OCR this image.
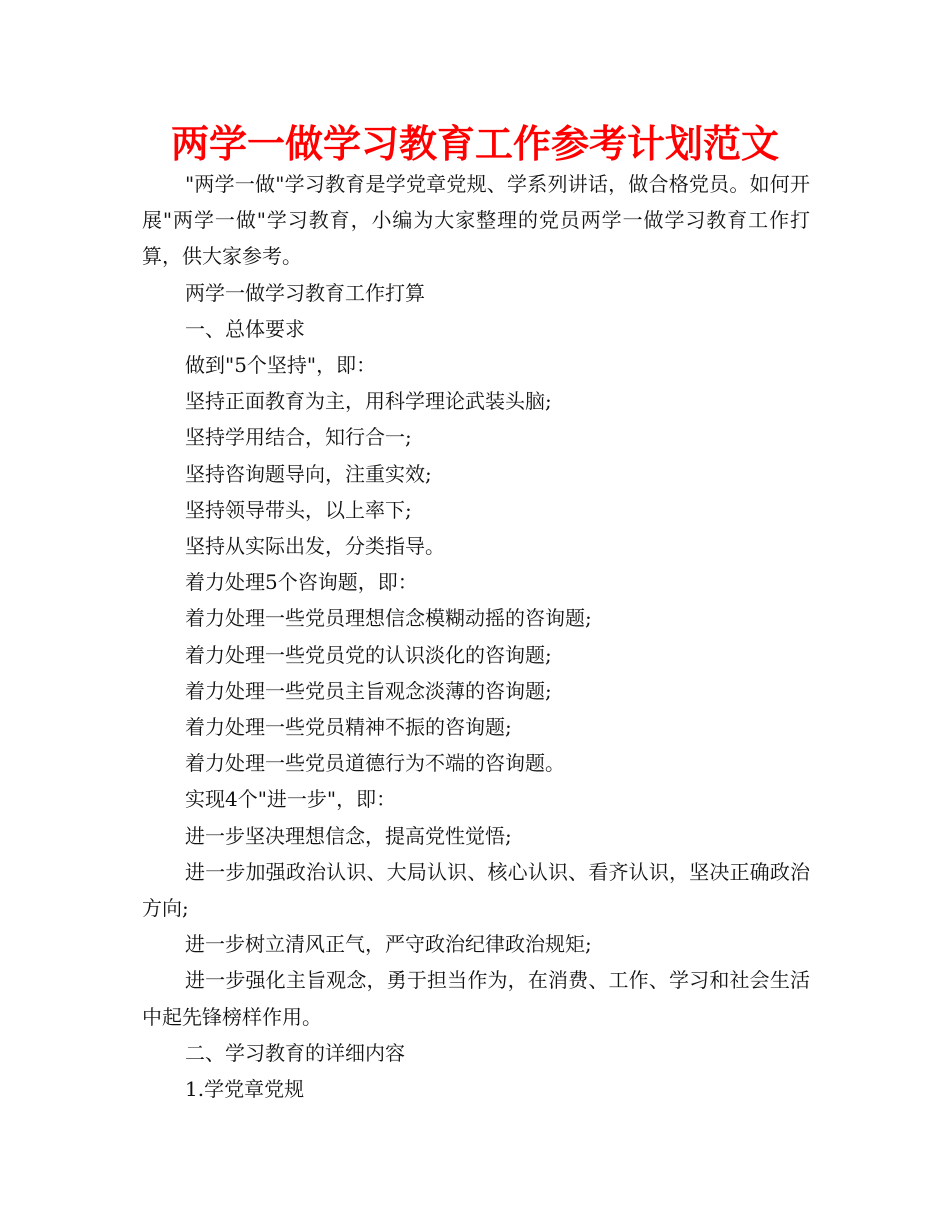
两学一做学习教育工作参考计划范文

"两学一做"学习教育是学党章党规、学系列讲话，做合格党员。如何开展"两学一做"学习教育，小编为大家整理的党员两学一做学习教育工作打算，供大家参考。

两学一做学习教育工作打算

一、总体要求

做到"5个坚持"，即：

坚持正面教育为主，用科学理论武装头脑;

坚持学用结合，知行合一;

坚持咨询题导向，注重实效;

坚持领导带头，以上率下;

坚持从实际出发，分类指导。

着力处理5个咨询题，即：

着力处理一些党员理想信念模糊动摇的咨询题;

着力处理一些党员党的认识淡化的咨询题;

着力处理一些党员主旨观念淡薄的咨询题;

着力处理一些党员精神不振的咨询题;

着力处理一些党员道德行为不端的咨询题。

实现4个"进一步"，即：

进一步坚决理想信念，提高党性觉悟;

进一步加强政治认识、大局认识、核心认识、看齐认识，坚决正确政治方向;

进一步树立清风正气，严守政治纪律政治规矩;

进一步强化主旨观念，勇于担当作为，在消费、工作、学习和社会生活中起先锋榜样作用。

二、学习教育的详细内容

1.学党章党规
